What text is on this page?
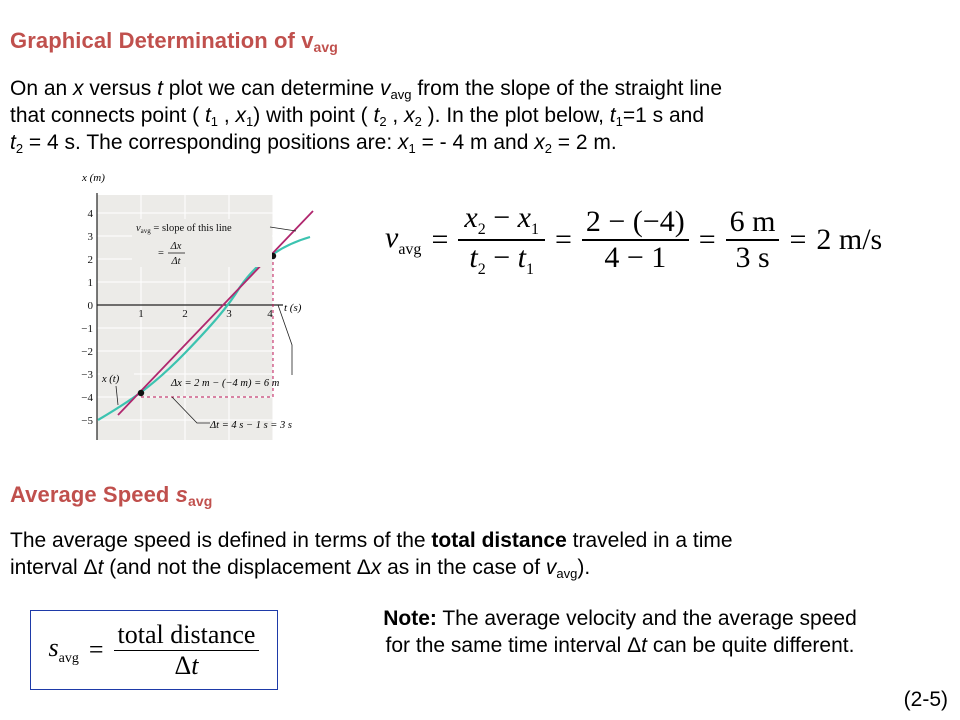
Graphical Determination of $v_{avg}$
On an x versus t plot we can determine $v_{avg}$ from the slope of the straight line
that connects point ( $t_1$ , $x_1$) with point ( $t_2$ , $x_2$ ). In the plot below, $t_1=1$ s and
$t_2 = 4$ s. The corresponding positions are: $x_1$ = - 4 m and $x_2 = 2$ m.
x (m)
t (s)
4
3
2
1
0
−1
−2
−3
−4
−5
1	2	3	4
vavg = slope of this line
=
Δx
Δt
x (t)	Δx = 2 m − (−4 m) = 6 m
Δt = 4 s − 1 s = 3 s
$v_{avg} = \frac{x_2 - x_1}{t_2 - t_1} = \frac{2 - (-4)}{4 - 1} = \frac{6 m}{3 s} = 2$ m/s
Average Speed $s_{avg}$
The average speed is defined in terms of the total distance traveled in a time
interval Δt (and not the displacement Δx as in the case of $v_{avg}$).
$s_{avg}$ =
total distance
Δt
Note: The average velocity and the average speed
for the same time interval Δt can be quite different.
(2-5)
